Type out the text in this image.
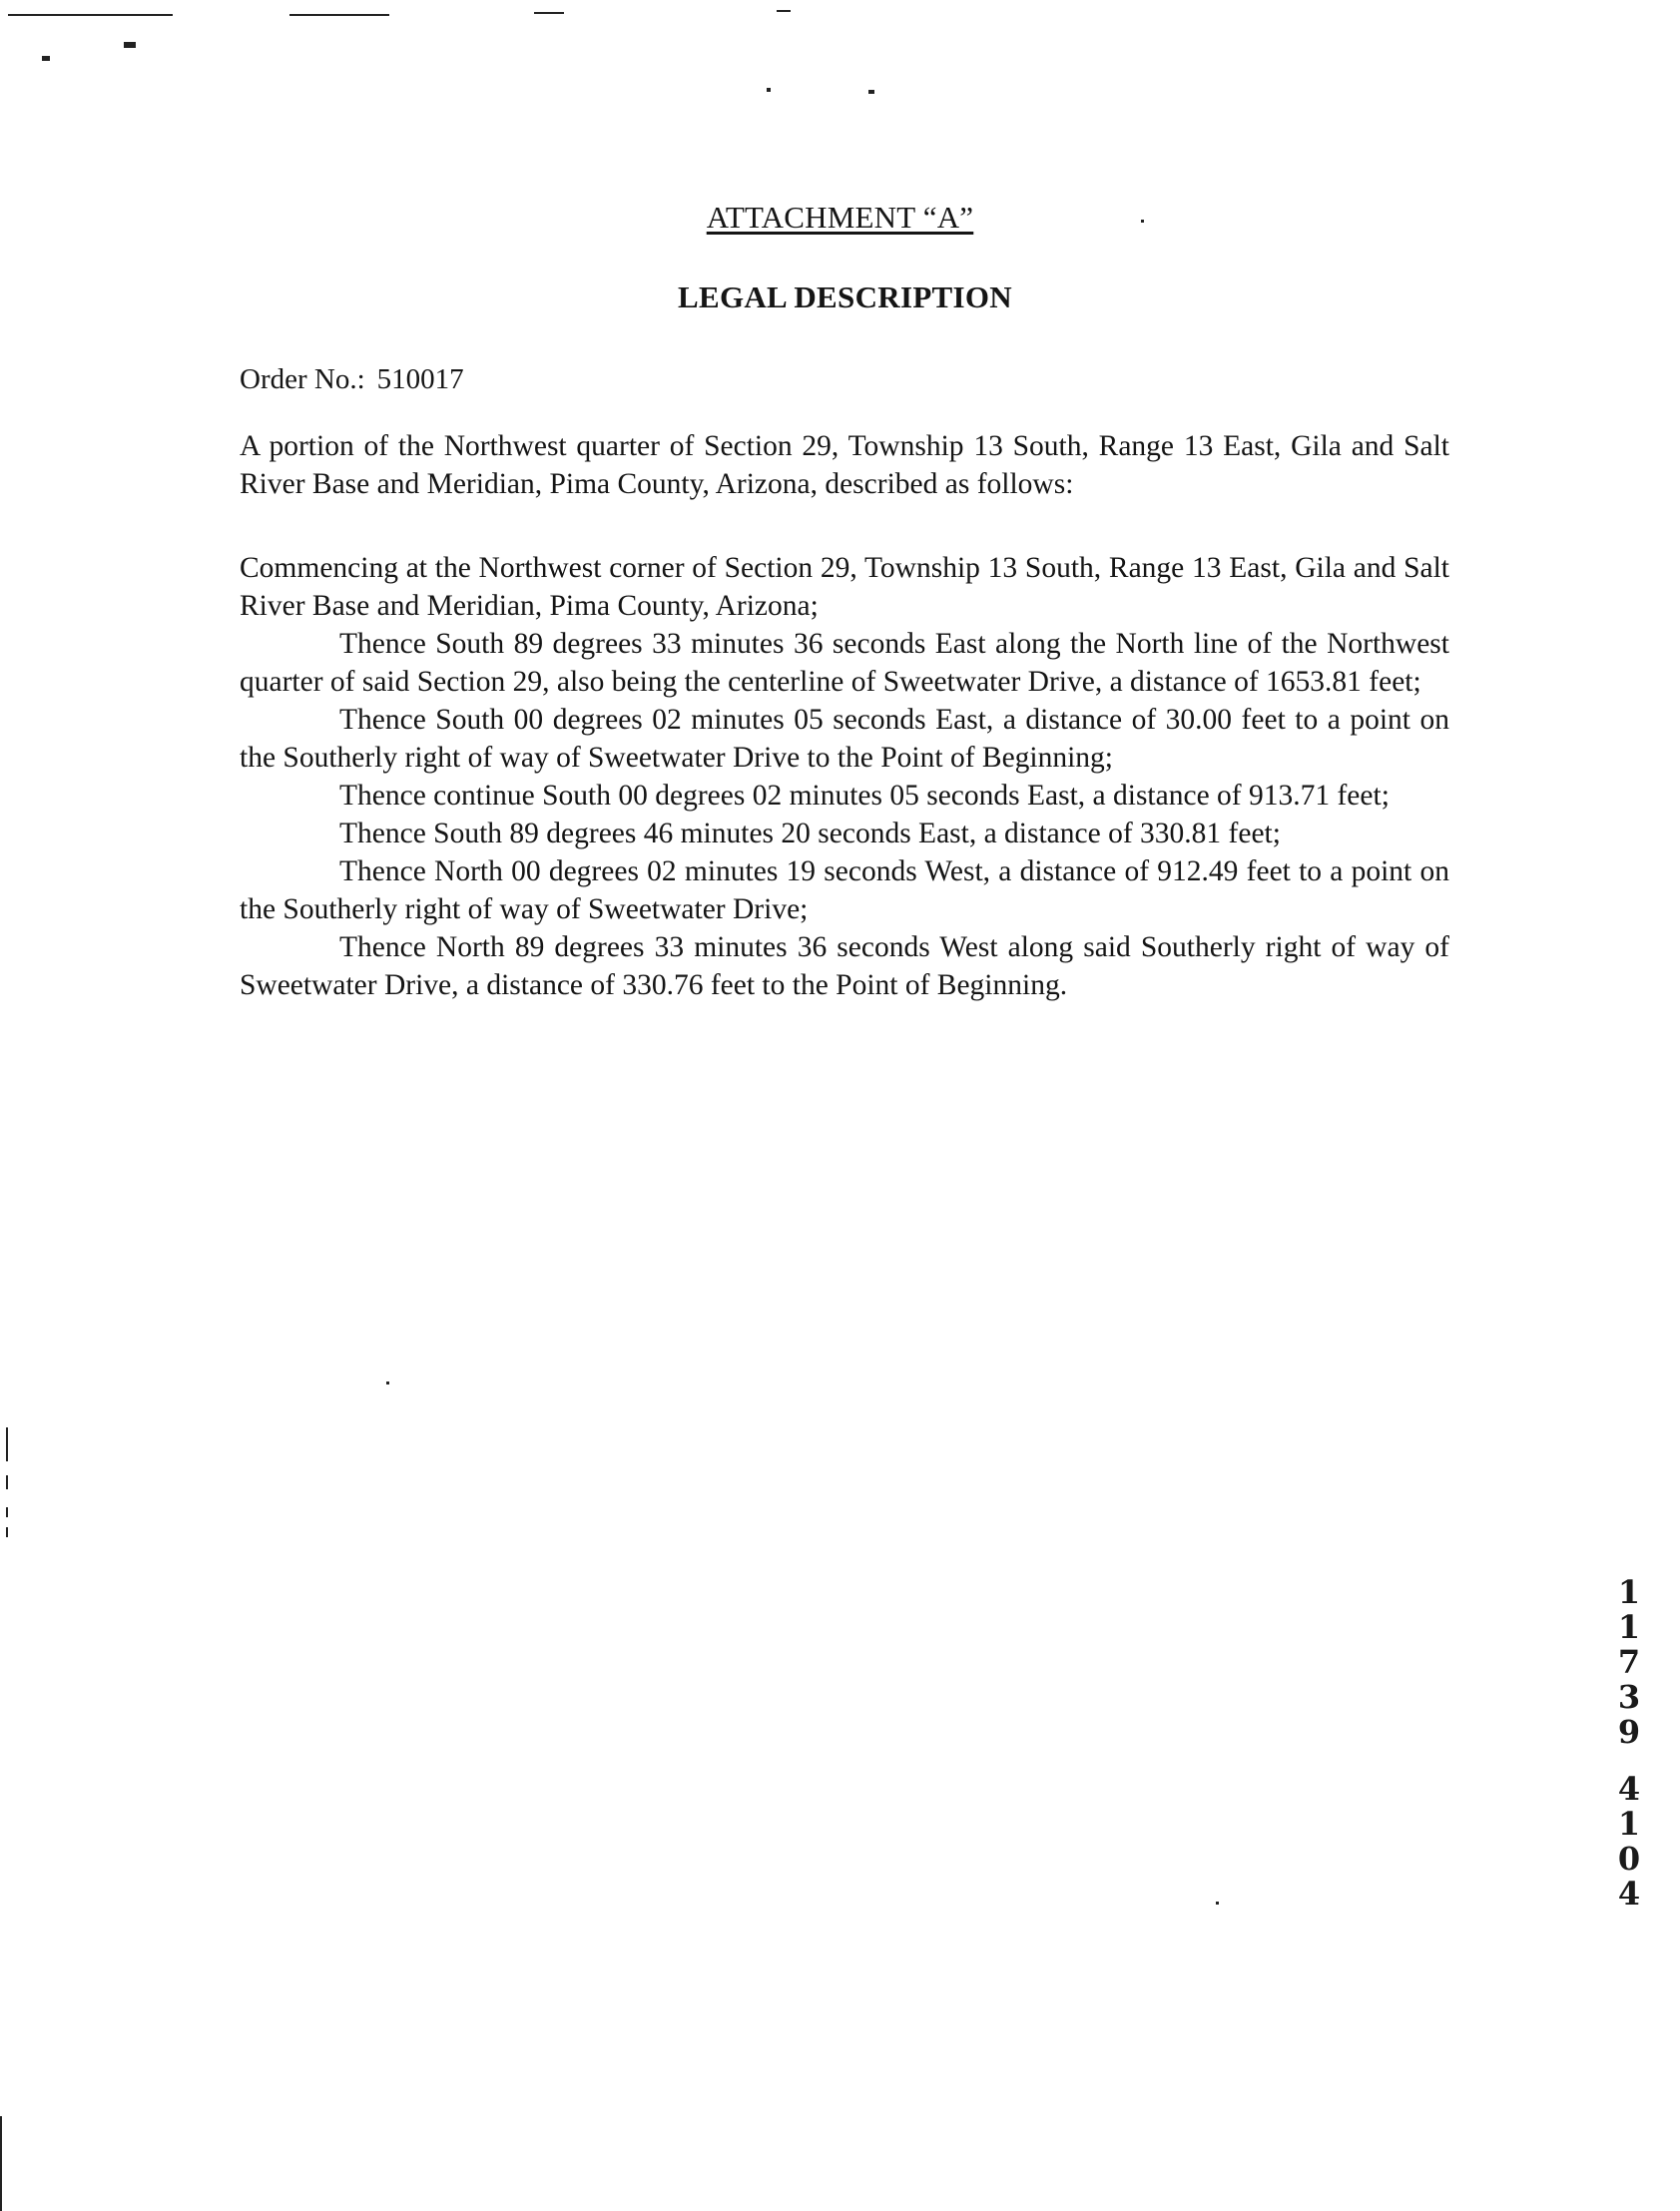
ATTACHMENT “A”
LEGAL DESCRIPTION
Order No.: 510017
A portion of the Northwest quarter of Section 29, Township 13 South, Range 13 East, Gila and Salt River Base and Meridian, Pima County, Arizona, described as follows:

Commencing at the Northwest corner of Section 29, Township 13 South, Range 13 East, Gila and Salt River Base and Meridian, Pima County, Arizona;

Thence South 89 degrees 33 minutes 36 seconds East along the North line of the Northwest quarter of said Section 29, also being the centerline of Sweetwater Drive, a distance of 1653.81 feet;

Thence South 00 degrees 02 minutes 05 seconds East, a distance of 30.00 feet to a point on the Southerly right of way of Sweetwater Drive to the Point of Beginning;

Thence continue South 00 degrees 02 minutes 05 seconds East, a distance of 913.71 feet;

Thence South 89 degrees 46 minutes 20 seconds East, a distance of 330.81 feet;

Thence North 00 degrees 02 minutes 19 seconds West, a distance of 912.49 feet to a point on the Southerly right of way of Sweetwater Drive;

Thence North 89 degrees 33 minutes 36 seconds West along said Southerly right of way of Sweetwater Drive, a distance of 330.76 feet to the Point of Beginning.

1
1
7
3
9
4
1
0
4
